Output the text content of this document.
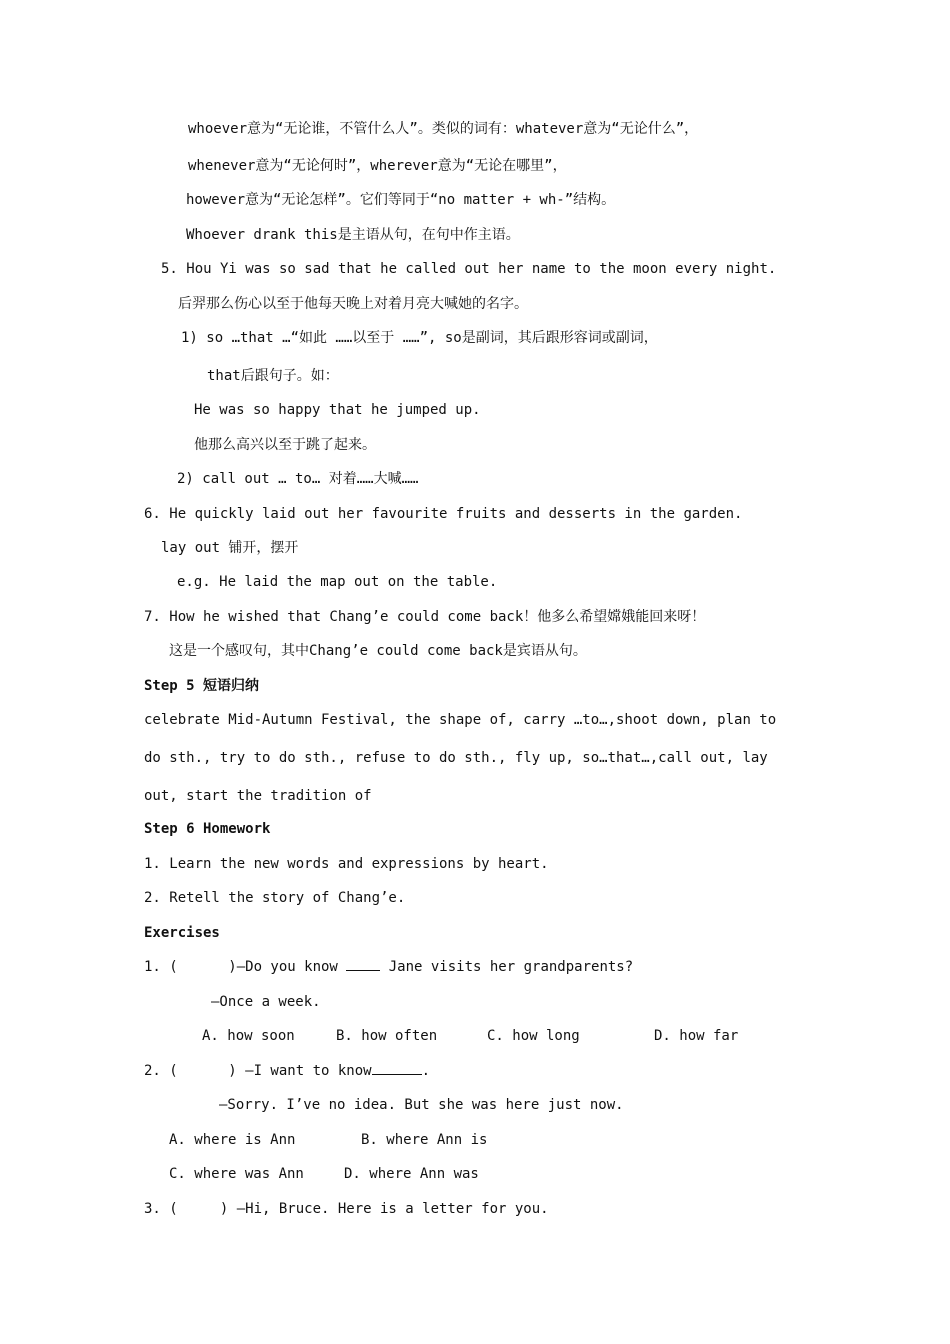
whoever意为“无论谁，不管什么人”。类似的词有：whatever意为“无论什么”，
whenever意为“无论何时”，wherever意为“无论在哪里”，
however意为“无论怎样”。它们等同于“no matter + wh-”结构。
Whoever drank this是主语从句，在句中作主语。
5. Hou Yi was so sad that he called out her name to the moon every night.
后羿那么伤心以至于他每天晚上对着月亮大喊她的名字。
1) so …that …“如此 ……以至于 ……”, so是副词，其后跟形容词或副词，
that后跟句子。如：
He was so happy that he jumped up.
他那么高兴以至于跳了起来。
2) call out … to… 对着……大喊……
6. He quickly laid out her favourite fruits and desserts in the garden.
lay out 铺开，摆开
e.g. He laid the map out on the table.
7. How he wished that Chang’e could come back！他多么希望嫦娥能回来呀！
这是一个感叹句，其中Chang’e could come back是宾语从句。
Step 5 短语归纳
celebrate Mid-Autumn Festival, the shape of, carry …to…,shoot down, plan to
do sth., try to do sth., refuse to do sth., fly up, so…that…,call out, lay
out, start the tradition of
Step 6 Homework
1. Learn the new words and expressions by heart.
2. Retell the story of Chang’e.
Exercises
1. (      )—Do you know  Jane visits her grandparents?
—Once a week.
A. how soon	B. how often	C. how long	D. how far
2. (      ) —I want to know	.
—Sorry. I’ve no idea. But she was here just now.
A. where is Ann	B. where Ann is
C. where was Ann	D. where Ann was
3. (     ) —Hi, Bruce. Here is a letter for you.
